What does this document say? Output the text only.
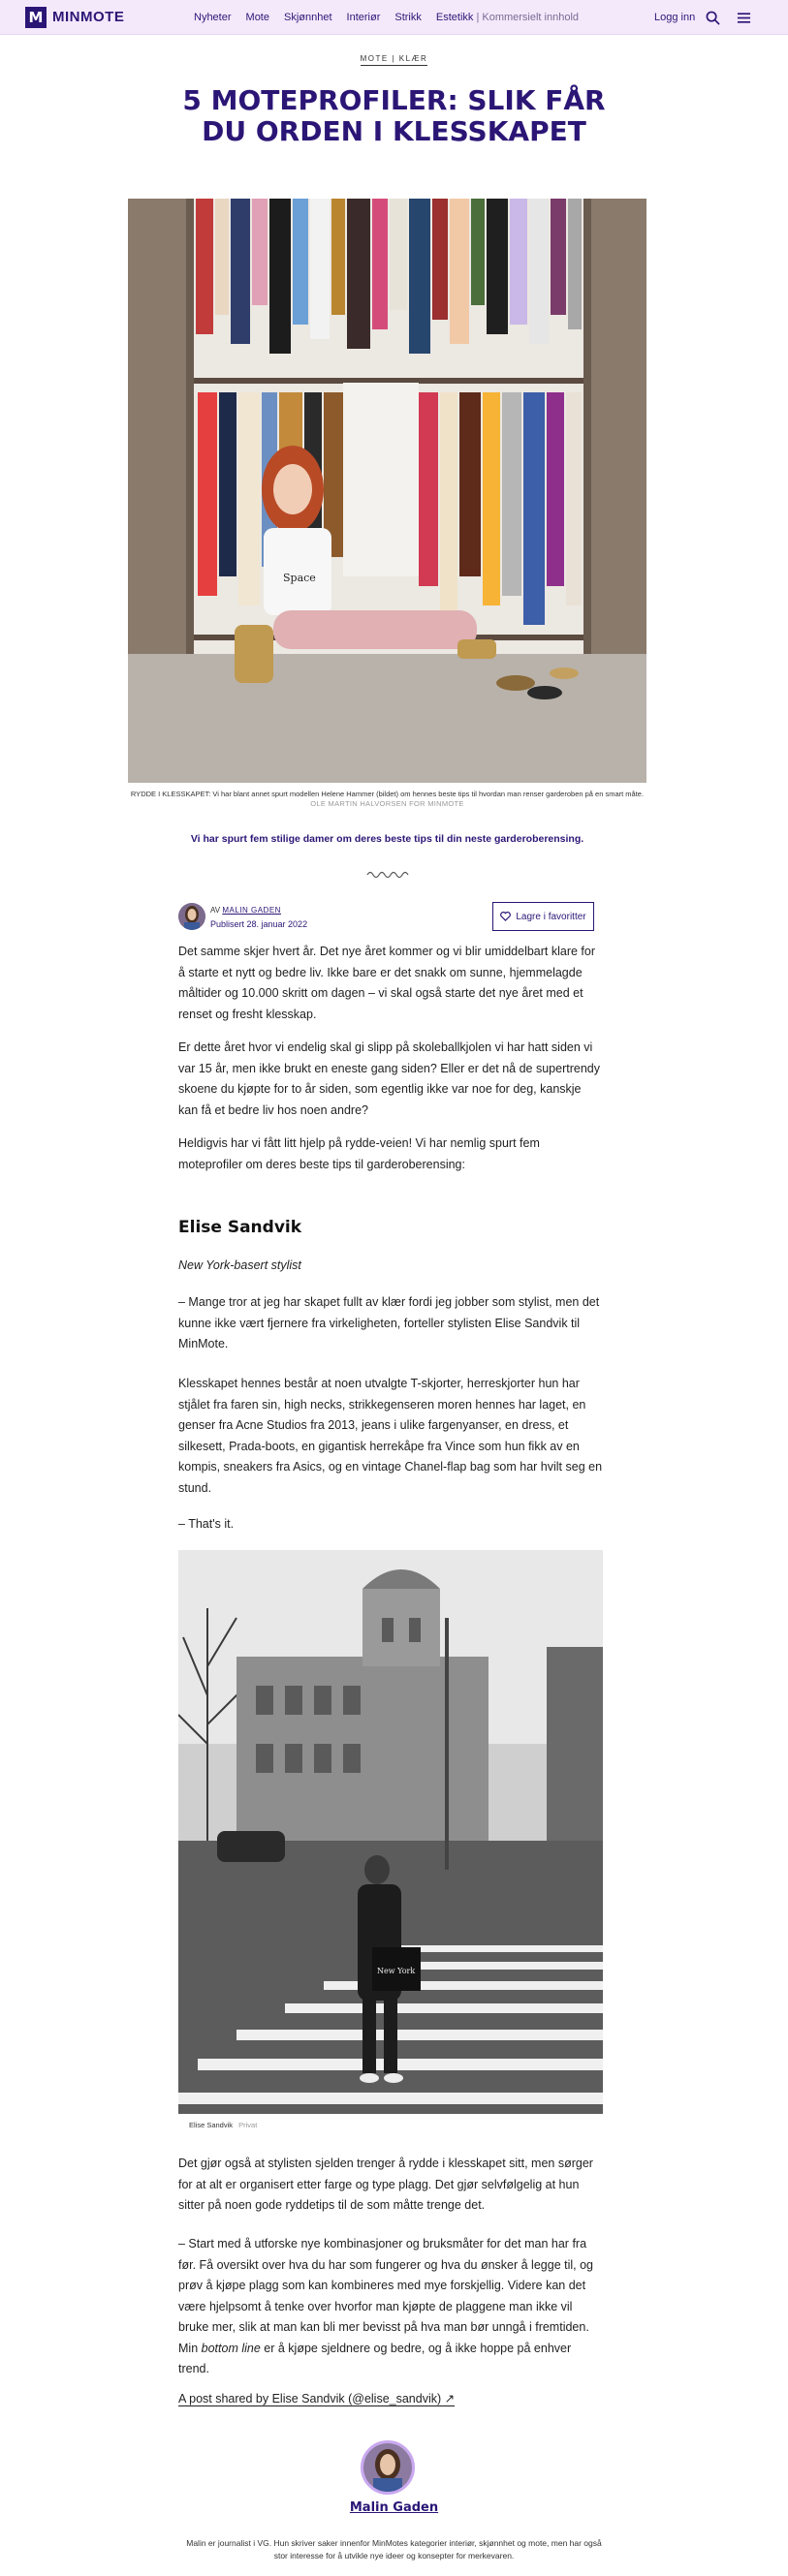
M MINMOTE	Nyheter Mote Skjønnhet Interiør Strikk Estetikk | Kommersielt innhold	Logg inn
MOTE | KLÆR
5 MOTEPROFILER: SLIK FÅR DU ORDEN I KLESSKAPET
Space
RYDDE I KLESSKAPET: Vi har blant annet spurt modellen Helene Hammer (bildet) om hennes beste tips til hvordan man renser garderoben på en smart måte. OLE MARTIN HALVORSEN FOR MINMOTE
Vi har spurt fem stilige damer om deres beste tips til din neste garderoberensing.
AV MALIN GADEN
Publisert 28. januar 2022
Lagre i favoritter

Det samme skjer hvert år. Det nye året kommer og vi blir umiddelbart klare for å starte et nytt og bedre liv. Ikke bare er det snakk om sunne, hjemmelagde måltider og 10.000 skritt om dagen – vi skal også starte det nye året med et renset og fresht klesskap.

Er dette året hvor vi endelig skal gi slipp på skoleballkjolen vi har hatt siden vi var 15 år, men ikke brukt en eneste gang siden? Eller er det nå de supertrendy skoene du kjøpte for to år siden, som egentlig ikke var noe for deg, kanskje kan få et bedre liv hos noen andre?

Heldigvis har vi fått litt hjelp på rydde-veien! Vi har nemlig spurt fem moteprofiler om deres beste tips til garderoberensing:

Elise Sandvik
New York-basert stylist

– Mange tror at jeg har skapet fullt av klær fordi jeg jobber som stylist, men det kunne ikke vært fjernere fra virkeligheten, forteller stylisten Elise Sandvik til MinMote.

Klesskapet hennes består at noen utvalgte T-skjorter, herreskjorter hun har stjålet fra faren sin, high necks, strikkegenseren moren hennes har laget, en genser fra Acne Studios fra 2013, jeans i ulike fargenyanser, en dress, et silkesett, Prada-boots, en gigantisk herrekåpe fra Vince som hun fikk av en kompis, sneakers fra Asics, og en vintage Chanel-flap bag som har hvilt seg en stund.

– That's it.

New York
Elise Sandvik Privat

Det gjør også at stylisten sjelden trenger å rydde i klesskapet sitt, men sørger for at alt er organisert etter farge og type plagg. Det gjør selvfølgelig at hun sitter på noen gode ryddetips til de som måtte trenge det.

– Start med å utforske nye kombinasjoner og bruksmåter for det man har fra før. Få oversikt over hva du har som fungerer og hva du ønsker å legge til, og prøv å kjøpe plagg som kan kombineres med mye forskjellig. Videre kan det være hjelpsomt å tenke over hvorfor man kjøpte de plaggene man ikke vil bruke mer, slik at man kan bli mer bevisst på hva man bør unngå i fremtiden. Min bottom line er å kjøpe sjeldnere og bedre, og å ikke hoppe på enhver trend.

A post shared by Elise Sandvik (@elise_sandvik) ↗
Malin Gaden
Malin er journalist i VG. Hun skriver saker innenfor MinMotes kategorier interiør, skjønnhet og mote, men har også stor interesse for å utvikle nye ideer og konsepter for merkevaren.
